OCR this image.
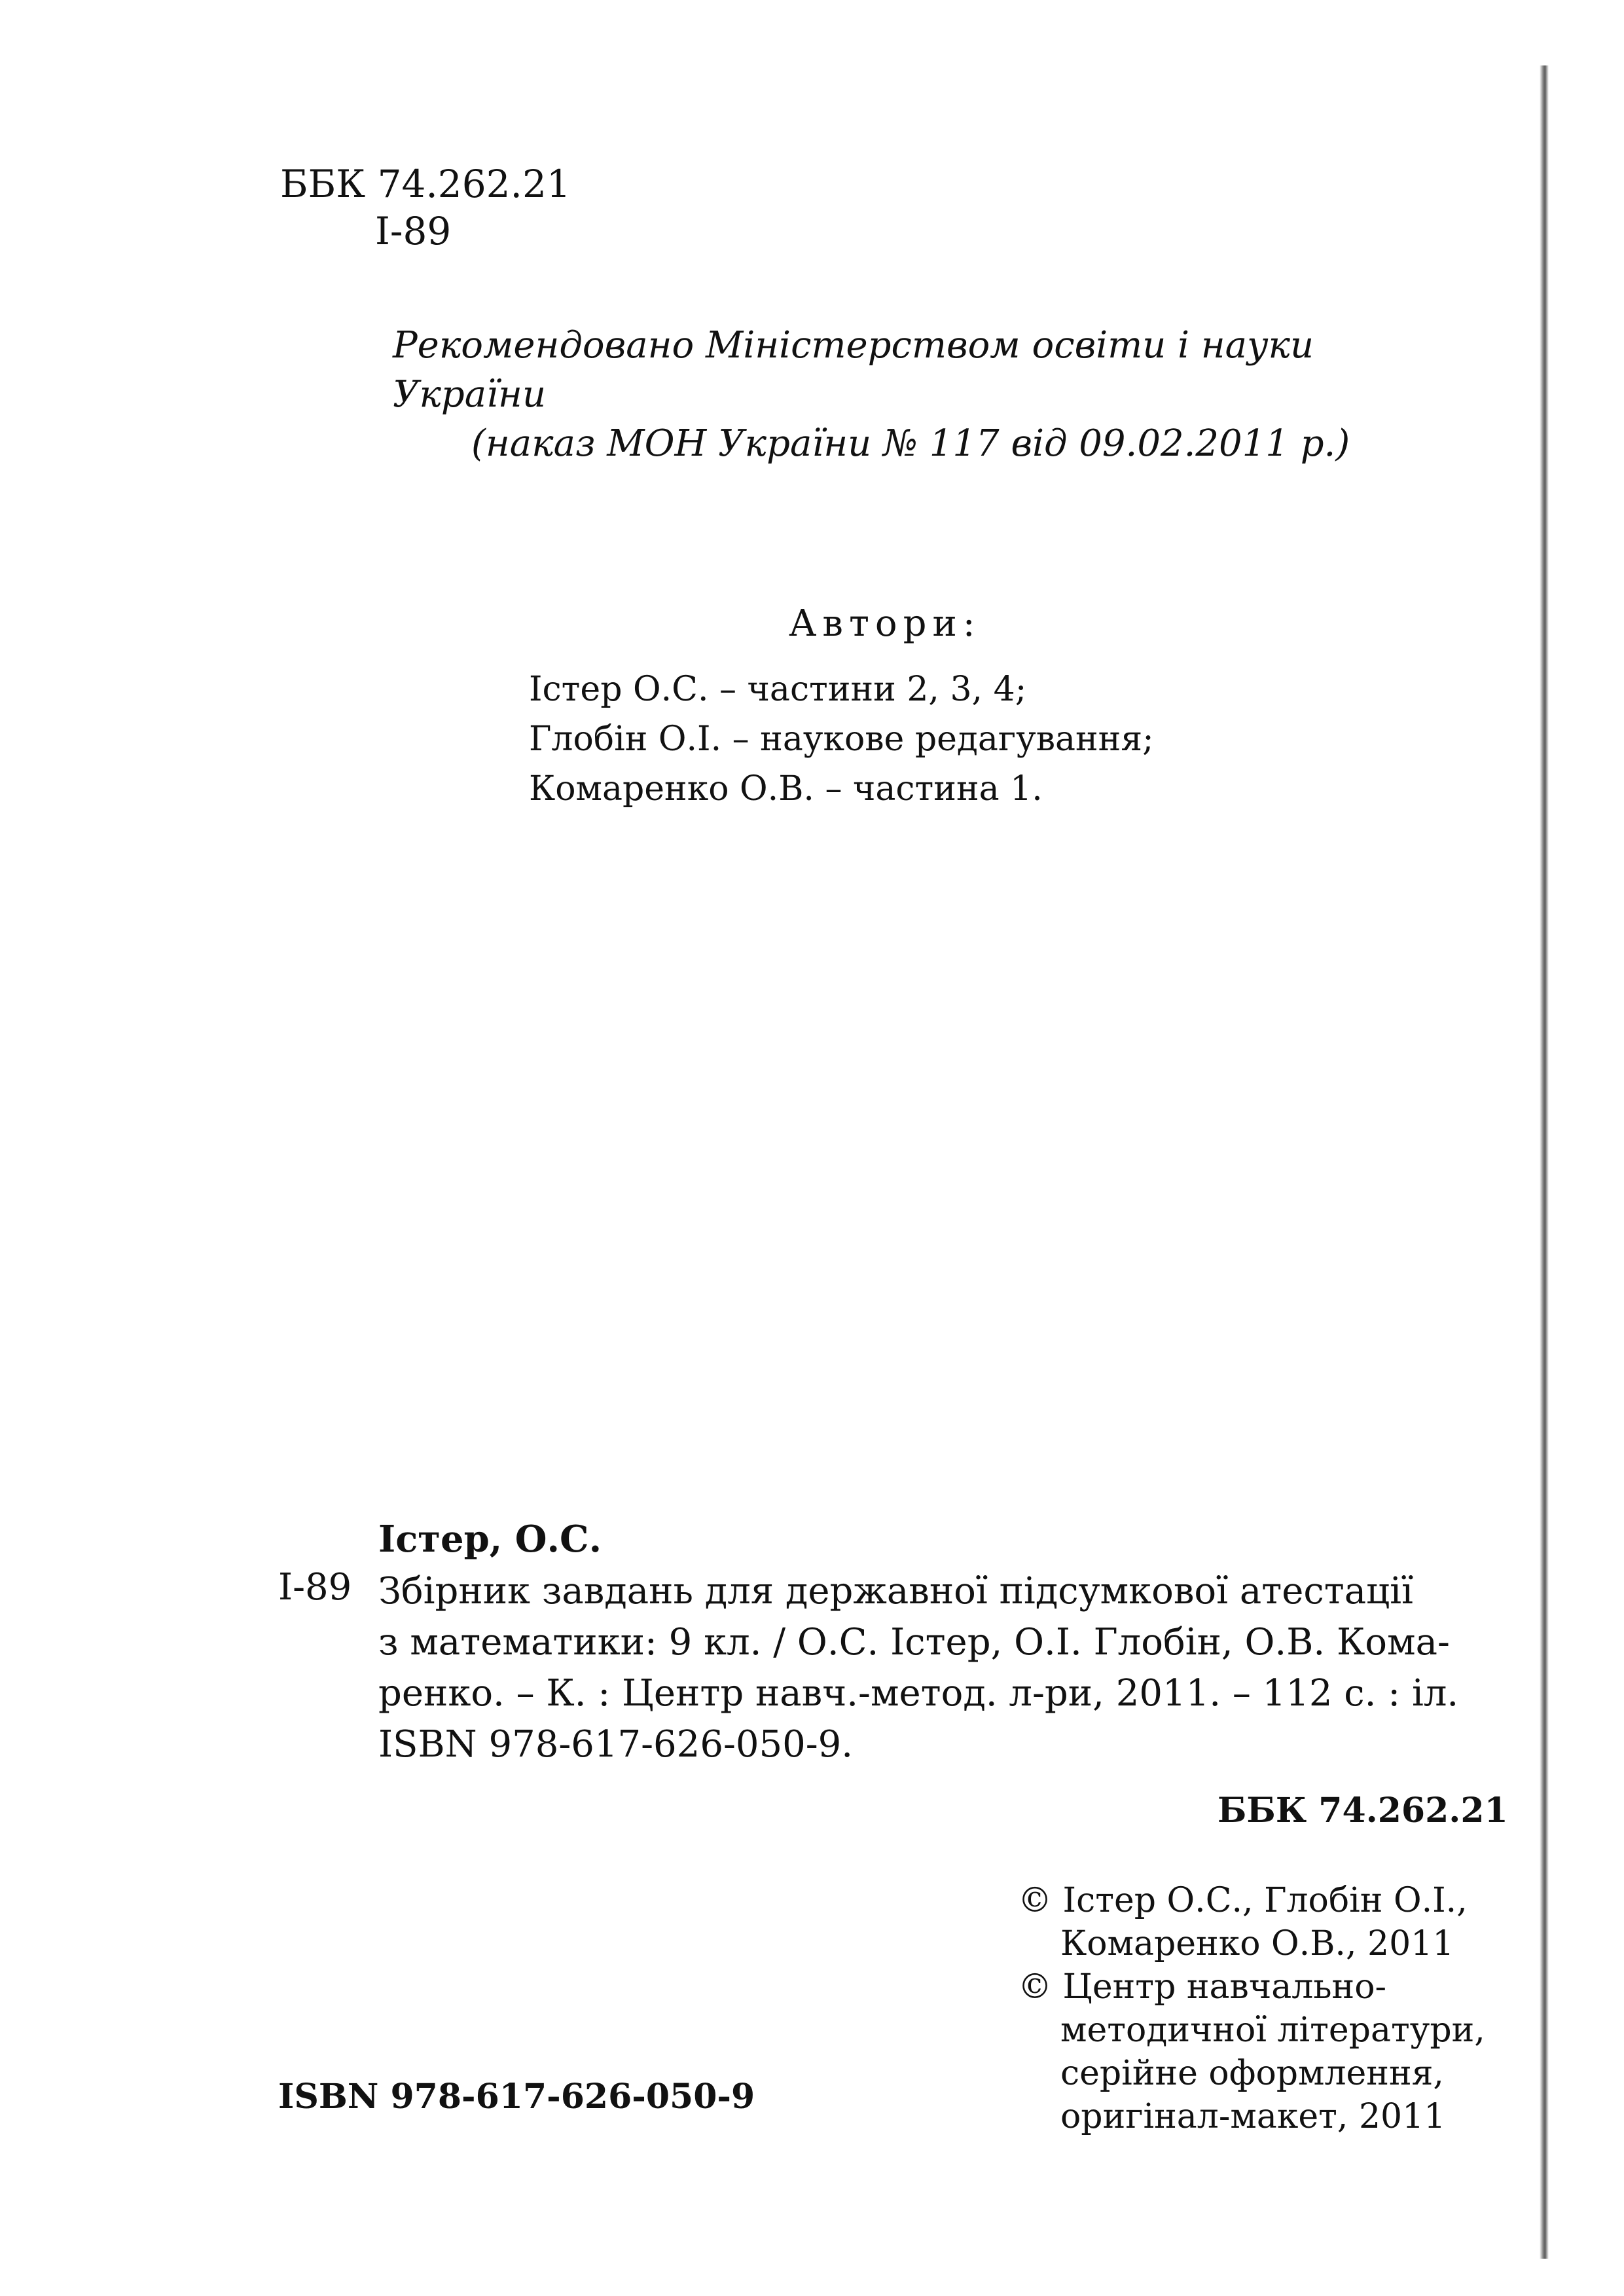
ББК 74.262.21
І-89
Рекомендовано Міністерством освіти і науки України
(наказ МОН України № 117 від 09.02.2011 р.)
Автори:
Істер О.С. – частини 2, 3, 4;
Глобін О.І. – наукове редагування;
Комаренко О.В. – частина 1.
Істер, О.С.
І-89 Збірник завдань для державної підсумкової атестації
з математики: 9 кл. / О.С. Істер, О.І. Глобін, О.В. Кома-
ренко. – К. : Центр навч.-метод. л-ри, 2011. – 112 с. : іл.
ISBN 978-617-626-050-9.
ББК 74.262.21
© Істер О.С., Глобін О.І.,
Комаренко О.В., 2011
© Центр навчально-
методичної літератури,
серійне оформлення,
оригінал-макет, 2011
ISBN 978-617-626-050-9
